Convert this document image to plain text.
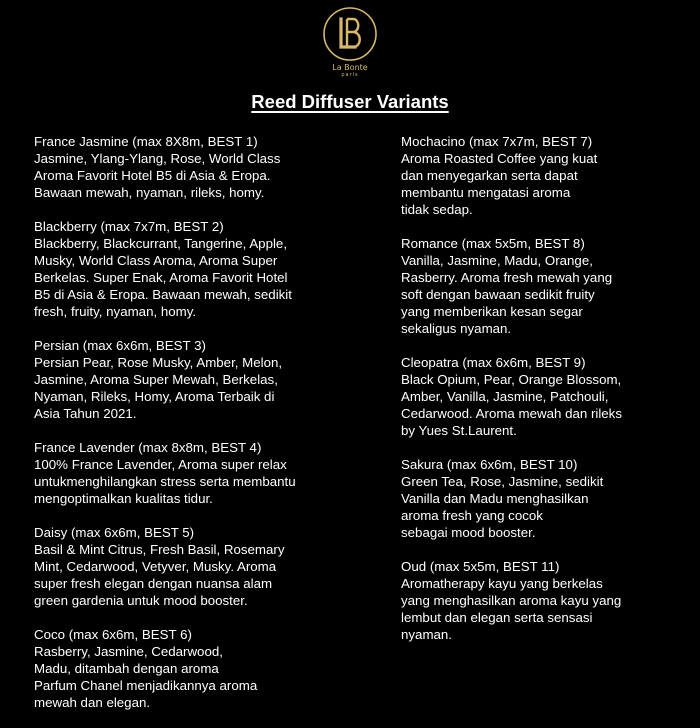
La Bonte
paris
Reed Diffuser Variants
France Jasmine (max 8X8m, BEST 1)
Jasmine, Ylang-Ylang, Rose, World Class
Aroma Favorit Hotel B5 di Asia & Eropa.
Bawaan mewah, nyaman, rileks, homy.
Blackberry (max 7x7m, BEST 2)
Blackberry, Blackcurrant, Tangerine, Apple,
Musky, World Class Aroma, Aroma Super
Berkelas. Super Enak, Aroma Favorit Hotel
B5 di Asia & Eropa. Bawaan mewah, sedikit
fresh, fruity, nyaman, homy.
Persian (max 6x6m, BEST 3)
Persian Pear, Rose Musky, Amber, Melon,
Jasmine, Aroma Super Mewah, Berkelas,
Nyaman, Rileks, Homy, Aroma Terbaik di
Asia Tahun 2021.
France Lavender (max 8x8m, BEST 4)
100% France Lavender, Aroma super relax
untukmenghilangkan stress serta membantu
mengoptimalkan kualitas tidur.
Daisy (max 6x6m, BEST 5)
Basil & Mint Citrus, Fresh Basil, Rosemary
Mint, Cedarwood, Vetyver, Musky. Aroma
super fresh elegan dengan nuansa alam
green gardenia untuk mood booster.
Coco (max 6x6m, BEST 6)
Rasberry, Jasmine, Cedarwood,
Madu, ditambah dengan aroma
Parfum Chanel menjadikannya aroma
mewah dan elegan.
Mochacino (max 7x7m, BEST 7)
Aroma Roasted Coffee yang kuat
dan menyegarkan serta dapat
membantu mengatasi aroma
tidak sedap.
Romance (max 5x5m, BEST 8)
Vanilla, Jasmine, Madu, Orange,
Rasberry. Aroma fresh mewah yang
soft dengan bawaan sedikit fruity
yang memberikan kesan segar
sekaligus nyaman.
Cleopatra (max 6x6m, BEST 9)
Black Opium, Pear, Orange Blossom,
Amber, Vanilla, Jasmine, Patchouli,
Cedarwood. Aroma mewah dan rileks
by Yues St.Laurent.
Sakura (max 6x6m, BEST 10)
Green Tea, Rose, Jasmine, sedikit
Vanilla dan Madu menghasilkan
aroma fresh yang cocok
sebagai mood booster.
Oud (max 5x5m, BEST 11)
Aromatherapy kayu yang berkelas
yang menghasilkan aroma kayu yang
lembut dan elegan serta sensasi
nyaman.
